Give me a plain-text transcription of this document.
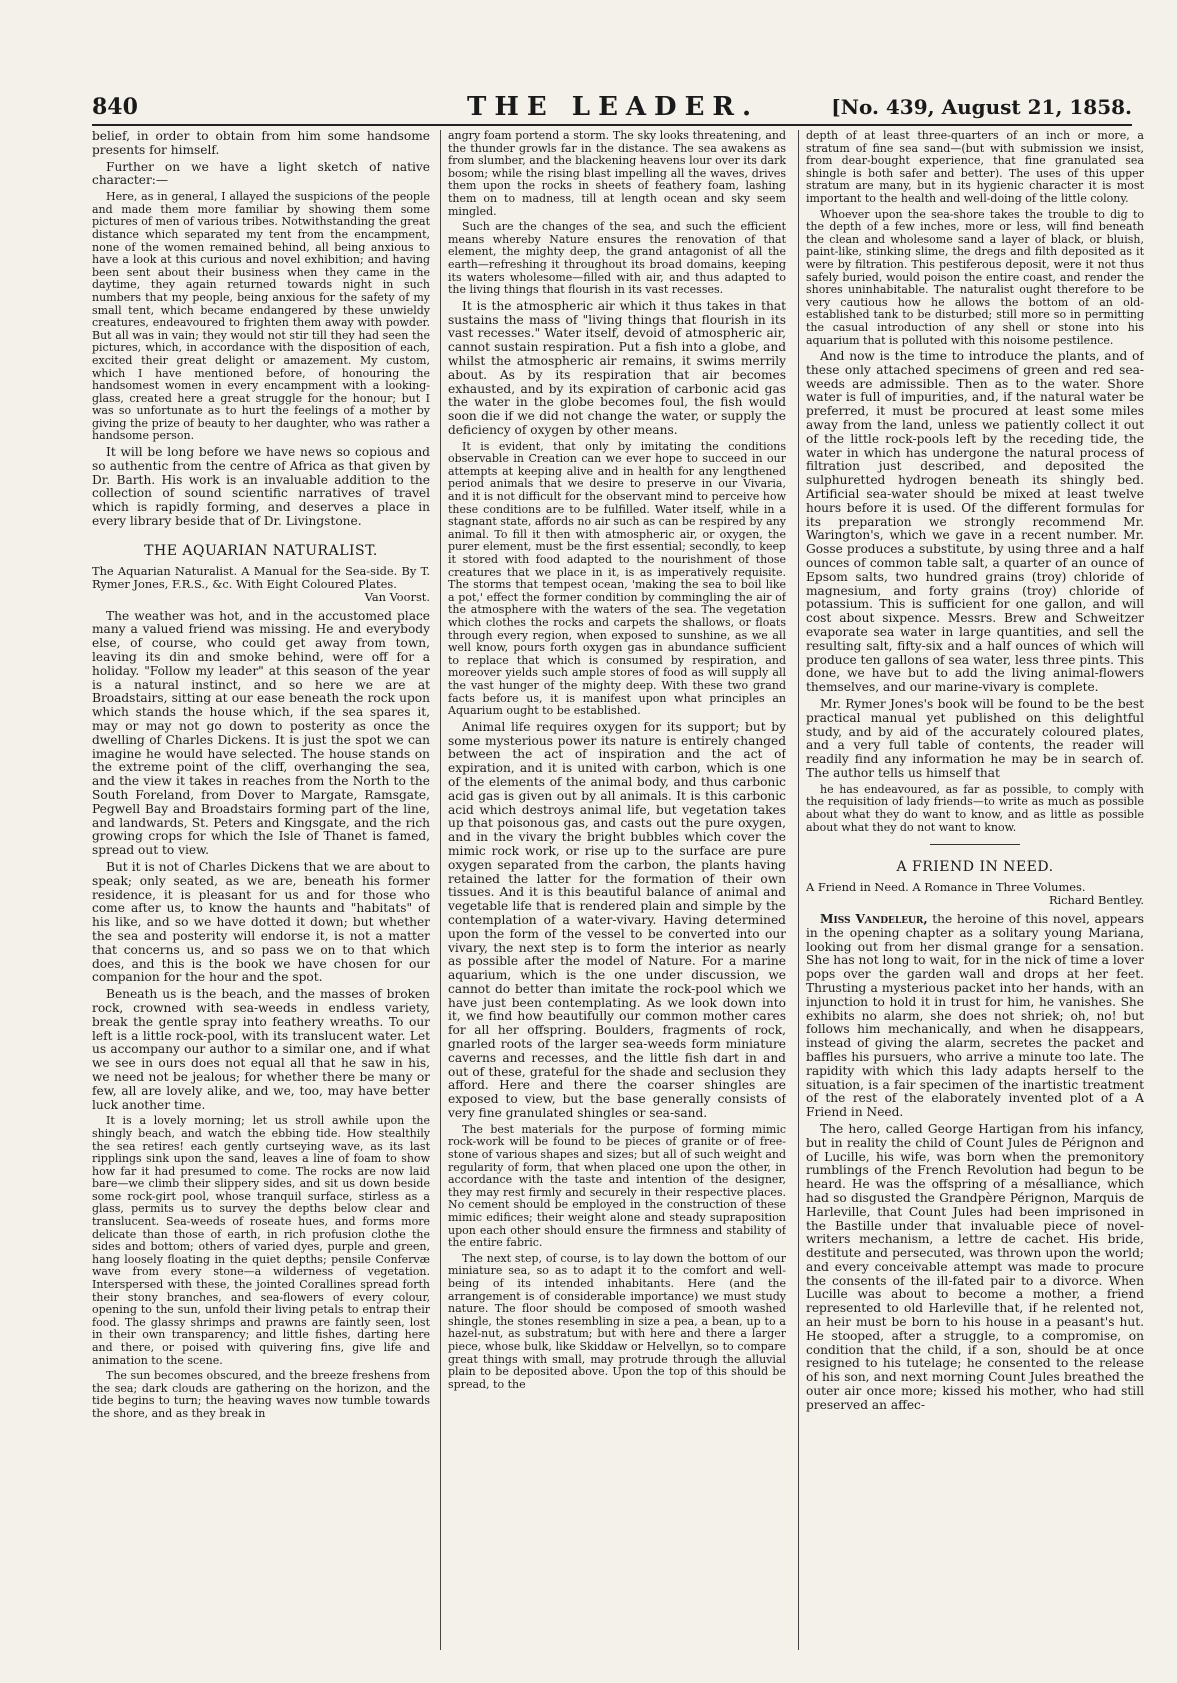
840	THE LEADER.	[No. 439, August 21, 1858.

belief, in order to obtain from him some handsome presents for himself.

Further on we have a light sketch of native character:—

Here, as in general, I allayed the suspicions of the people and made them more familiar by showing them some pictures of men of various tribes. Notwithstanding the great distance which separated my tent from the encampment, none of the women remained behind, all being anxious to have a look at this curious and novel exhibition; and having been sent about their business when they came in the daytime, they again returned towards night in such numbers that my people, being anxious for the safety of my small tent, which became endangered by these unwieldy creatures, endeavoured to frighten them away with powder. But all was in vain; they would not stir till they had seen the pictures, which, in accordance with the disposition of each, excited their great delight or amazement. My custom, which I have mentioned before, of honouring the handsomest women in every encampment with a looking-glass, created here a great struggle for the honour; but I was so unfortunate as to hurt the feelings of a mother by giving the prize of beauty to her daughter, who was rather a handsome person.

It will be long before we have news so copious and so authentic from the centre of Africa as that given by Dr. Barth. His work is an invaluable addition to the collection of sound scientific narratives of travel which is rapidly forming, and deserves a place in every library beside that of Dr. Livingstone.

THE AQUARIAN NATURALIST.
The Aquarian Naturalist. A Manual for the Sea-side. By T. Rymer Jones, F.R.S., &c. With Eight Coloured Plates.
Van Voorst.

The weather was hot, and in the accustomed place many a valued friend was missing. He and everybody else, of course, who could get away from town, leaving its din and smoke behind, were off for a holiday. "Follow my leader" at this season of the year is a natural instinct, and so here we are at Broadstairs, sitting at our ease beneath the rock upon which stands the house which, if the sea spares it, may or may not go down to posterity as once the dwelling of Charles Dickens. It is just the spot we can imagine he would have selected. The house stands on the extreme point of the cliff, overhanging the sea, and the view it takes in reaches from the North to the South Foreland, from Dover to Margate, Ramsgate, Pegwell Bay and Broadstairs forming part of the line, and landwards, St. Peters and Kingsgate, and the rich growing crops for which the Isle of Thanet is famed, spread out to view.

But it is not of Charles Dickens that we are about to speak; only seated, as we are, beneath his former residence, it is pleasant for us and for those who come after us, to know the haunts and "habitats" of his like, and so we have dotted it down; but whether the sea and posterity will endorse it, is not a matter that concerns us, and so pass we on to that which does, and this is the book we have chosen for our companion for the hour and the spot.

Beneath us is the beach, and the masses of broken rock, crowned with sea-weeds in endless variety, break the gentle spray into feathery wreaths. To our left is a little rock-pool, with its translucent water. Let us accompany our author to a similar one, and if what we see in ours does not equal all that he saw in his, we need not be jealous; for whether there be many or few, all are lovely alike, and we, too, may have better luck another time.

It is a lovely morning; let us stroll awhile upon the shingly beach, and watch the ebbing tide. How stealthily the sea retires! each gently curtseying wave, as its last ripplings sink upon the sand, leaves a line of foam to show how far it had presumed to come. The rocks are now laid bare—we climb their slippery sides, and sit us down beside some rock-girt pool, whose tranquil surface, stirless as a glass, permits us to survey the depths below clear and translucent. Sea-weeds of roseate hues, and forms more delicate than those of earth, in rich profusion clothe the sides and bottom; others of varied dyes, purple and green, hang loosely floating in the quiet depths; pensile Confervæ wave from every stone—a wilderness of vegetation. Interspersed with these, the jointed Corallines spread forth their stony branches, and sea-flowers of every colour, opening to the sun, unfold their living petals to entrap their food. The glassy shrimps and prawns are faintly seen, lost in their own transparency; and little fishes, darting here and there, or poised with quivering fins, give life and animation to the scene.

The sun becomes obscured, and the breeze freshens from the sea; dark clouds are gathering on the horizon, and the tide begins to turn; the heaving waves now tumble towards the shore, and as they break in

angry foam portend a storm. The sky looks threatening, and the thunder growls far in the distance. The sea awakens as from slumber, and the blackening heavens lour over its dark bosom; while the rising blast impelling all the waves, drives them upon the rocks in sheets of feathery foam, lashing them on to madness, till at length ocean and sky seem mingled.

Such are the changes of the sea, and such the efficient means whereby Nature ensures the renovation of that element, the mighty deep, the grand antagonist of all the earth—refreshing it throughout its broad domains, keeping its waters wholesome—filled with air, and thus adapted to the living things that flourish in its vast recesses.

It is the atmospheric air which it thus takes in that sustains the mass of "living things that flourish in its vast recesses." Water itself, devoid of atmospheric air, cannot sustain respiration. Put a fish into a globe, and whilst the atmospheric air remains, it swims merrily about. As by its respiration that air becomes exhausted, and by its expiration of carbonic acid gas the water in the globe becomes foul, the fish would soon die if we did not change the water, or supply the deficiency of oxygen by other means.

It is evident, that only by imitating the conditions observable in Creation can we ever hope to succeed in our attempts at keeping alive and in health for any lengthened period animals that we desire to preserve in our Vivaria, and it is not difficult for the observant mind to perceive how these conditions are to be fulfilled. Water itself, while in a stagnant state, affords no air such as can be respired by any animal. To fill it then with atmospheric air, or oxygen, the purer element, must be the first essential; secondly, to keep it stored with food adapted to the nourishment of those creatures that we place in it, is as imperatively requisite. The storms that tempest ocean, 'making the sea to boil like a pot,' effect the former condition by commingling the air of the atmosphere with the waters of the sea. The vegetation which clothes the rocks and carpets the shallows, or floats through every region, when exposed to sunshine, as we all well know, pours forth oxygen gas in abundance sufficient to replace that which is consumed by respiration, and moreover yields such ample stores of food as will supply all the vast hunger of the mighty deep. With these two grand facts before us, it is manifest upon what principles an Aquarium ought to be established.

Animal life requires oxygen for its support; but by some mysterious power its nature is entirely changed between the act of inspiration and the act of expiration, and it is united with carbon, which is one of the elements of the animal body, and thus carbonic acid gas is given out by all animals. It is this carbonic acid which destroys animal life, but vegetation takes up that poisonous gas, and casts out the pure oxygen, and in the vivary the bright bubbles which cover the mimic rock work, or rise up to the surface are pure oxygen separated from the carbon, the plants having retained the latter for the formation of their own tissues. And it is this beautiful balance of animal and vegetable life that is rendered plain and simple by the contemplation of a water-vivary. Having determined upon the form of the vessel to be converted into our vivary, the next step is to form the interior as nearly as possible after the model of Nature. For a marine aquarium, which is the one under discussion, we cannot do better than imitate the rock-pool which we have just been contemplating. As we look down into it, we find how beautifully our common mother cares for all her offspring. Boulders, fragments of rock, gnarled roots of the larger sea-weeds form miniature caverns and recesses, and the little fish dart in and out of these, grateful for the shade and seclusion they afford. Here and there the coarser shingles are exposed to view, but the base generally consists of very fine granulated shingles or sea-sand.

The best materials for the purpose of forming mimic rock-work will be found to be pieces of granite or of free-stone of various shapes and sizes; but all of such weight and regularity of form, that when placed one upon the other, in accordance with the taste and intention of the designer, they may rest firmly and securely in their respective places. No cement should be employed in the construction of these mimic edifices; their weight alone and steady supraposition upon each other should ensure the firmness and stability of the entire fabric.

The next step, of course, is to lay down the bottom of our miniature sea, so as to adapt it to the comfort and well-being of its intended inhabitants. Here (and the arrangement is of considerable importance) we must study nature. The floor should be composed of smooth washed shingle, the stones resembling in size a pea, a bean, up to a hazel-nut, as substratum; but with here and there a larger piece, whose bulk, like Skiddaw or Helvellyn, so to compare great things with small, may protrude through the alluvial plain to be deposited above. Upon the top of this should be spread, to the

depth of at least three-quarters of an inch or more, a stratum of fine sea sand—(but with submission we insist, from dear-bought experience, that fine granulated sea shingle is both safer and better). The uses of this upper stratum are many, but in its hygienic character it is most important to the health and well-doing of the little colony.

Whoever upon the sea-shore takes the trouble to dig to the depth of a few inches, more or less, will find beneath the clean and wholesome sand a layer of black, or bluish, paint-like, stinking slime, the dregs and filth deposited as it were by filtration. This pestiferous deposit, were it not thus safely buried, would poison the entire coast, and render the shores uninhabitable. The naturalist ought therefore to be very cautious how he allows the bottom of an old-established tank to be disturbed; still more so in permitting the casual introduction of any shell or stone into his aquarium that is polluted with this noisome pestilence.

And now is the time to introduce the plants, and of these only attached specimens of green and red sea-weeds are admissible. Then as to the water. Shore water is full of impurities, and, if the natural water be preferred, it must be procured at least some miles away from the land, unless we patiently collect it out of the little rock-pools left by the receding tide, the water in which has undergone the natural process of filtration just described, and deposited the sulphuretted hydrogen beneath its shingly bed. Artificial sea-water should be mixed at least twelve hours before it is used. Of the different formulas for its preparation we strongly recommend Mr. Warington's, which we gave in a recent number. Mr. Gosse produces a substitute, by using three and a half ounces of common table salt, a quarter of an ounce of Epsom salts, two hundred grains (troy) chloride of magnesium, and forty grains (troy) chloride of potassium. This is sufficient for one gallon, and will cost about sixpence. Messrs. Brew and Schweitzer evaporate sea water in large quantities, and sell the resulting salt, fifty-six and a half ounces of which will produce ten gallons of sea water, less three pints. This done, we have but to add the living animal-flowers themselves, and our marine-vivary is complete.

Mr. Rymer Jones's book will be found to be the best practical manual yet published on this delightful study, and by aid of the accurately coloured plates, and a very full table of contents, the reader will readily find any information he may be in search of. The author tells us himself that

he has endeavoured, as far as possible, to comply with the requisition of lady friends—to write as much as possible about what they do want to know, and as little as possible about what they do not want to know.

A FRIEND IN NEED.
A Friend in Need. A Romance in Three Volumes.
Richard Bentley.

Miss Vandeleur, the heroine of this novel, appears in the opening chapter as a solitary young Mariana, looking out from her dismal grange for a sensation. She has not long to wait, for in the nick of time a lover pops over the garden wall and drops at her feet. Thrusting a mysterious packet into her hands, with an injunction to hold it in trust for him, he vanishes. She exhibits no alarm, she does not shriek; oh, no! but follows him mechanically, and when he disappears, instead of giving the alarm, secretes the packet and baffles his pursuers, who arrive a minute too late. The rapidity with which this lady adapts herself to the situation, is a fair specimen of the inartistic treatment of the rest of the elaborately invented plot of a A Friend in Need.

The hero, called George Hartigan from his infancy, but in reality the child of Count Jules de Pérignon and of Lucille, his wife, was born when the premonitory rumblings of the French Revolution had begun to be heard. He was the offspring of a mésalliance, which had so disgusted the Grandpère Pérignon, Marquis de Harleville, that Count Jules had been imprisoned in the Bastille under that invaluable piece of novel-writers mechanism, a lettre de cachet. His bride, destitute and persecuted, was thrown upon the world; and every conceivable attempt was made to procure the consents of the ill-fated pair to a divorce. When Lucille was about to become a mother, a friend represented to old Harleville that, if he relented not, an heir must be born to his house in a peasant's hut. He stooped, after a struggle, to a compromise, on condition that the child, if a son, should be at once resigned to his tutelage; he consented to the release of his son, and next morning Count Jules breathed the outer air once more; kissed his mother, who had still preserved an affec-
